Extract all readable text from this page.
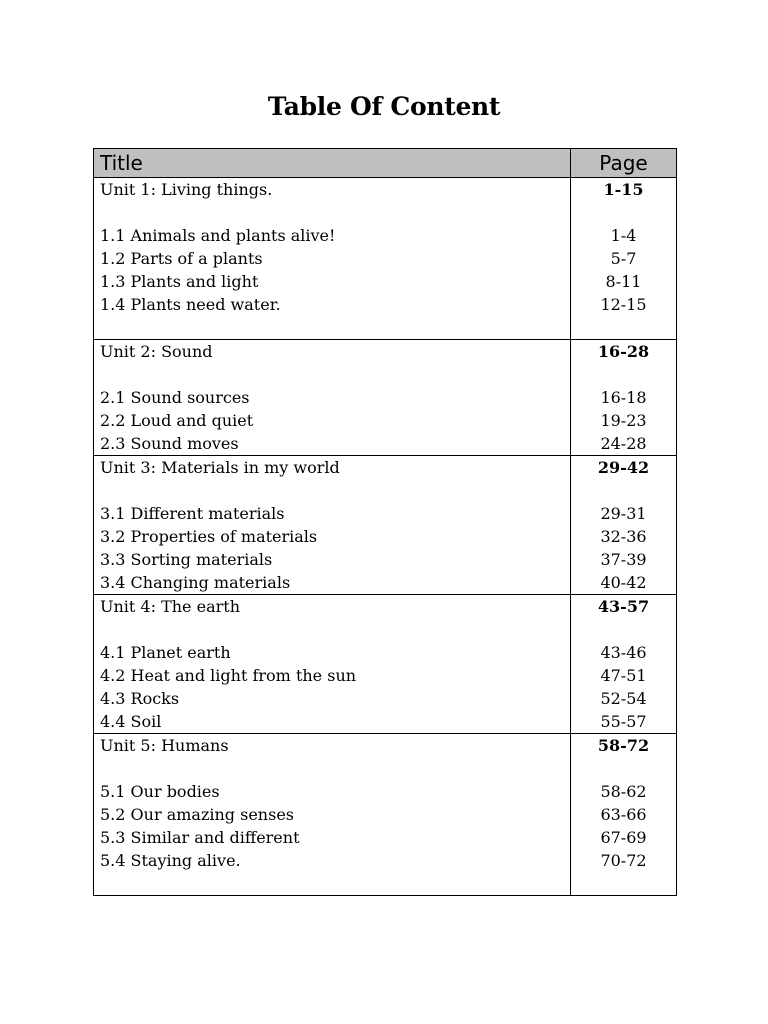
Table Of Content
Title	Page
Unit 1: Living things.	1-15

1.1 Animals and plants alive!	1-4
1.2 Parts of a plants	5-7
1.3 Plants and light	8-11
1.4 Plants need water.	12-15

Unit 2: Sound	16-28

2.1 Sound sources	16-18
2.2 Loud and quiet	19-23
2.3 Sound moves	24-28
Unit 3: Materials in my world	29-42

3.1 Different materials	29-31
3.2 Properties of materials	32-36
3.3 Sorting materials	37-39
3.4 Changing materials	40-42
Unit 4: The earth	43-57

4.1 Planet earth	43-46
4.2 Heat and light from the sun	47-51
4.3 Rocks	52-54
4.4 Soil	55-57
Unit 5: Humans	58-72

5.1 Our bodies	58-62
5.2 Our amazing senses	63-66
5.3 Similar and different	67-69
5.4 Staying alive.	70-72
